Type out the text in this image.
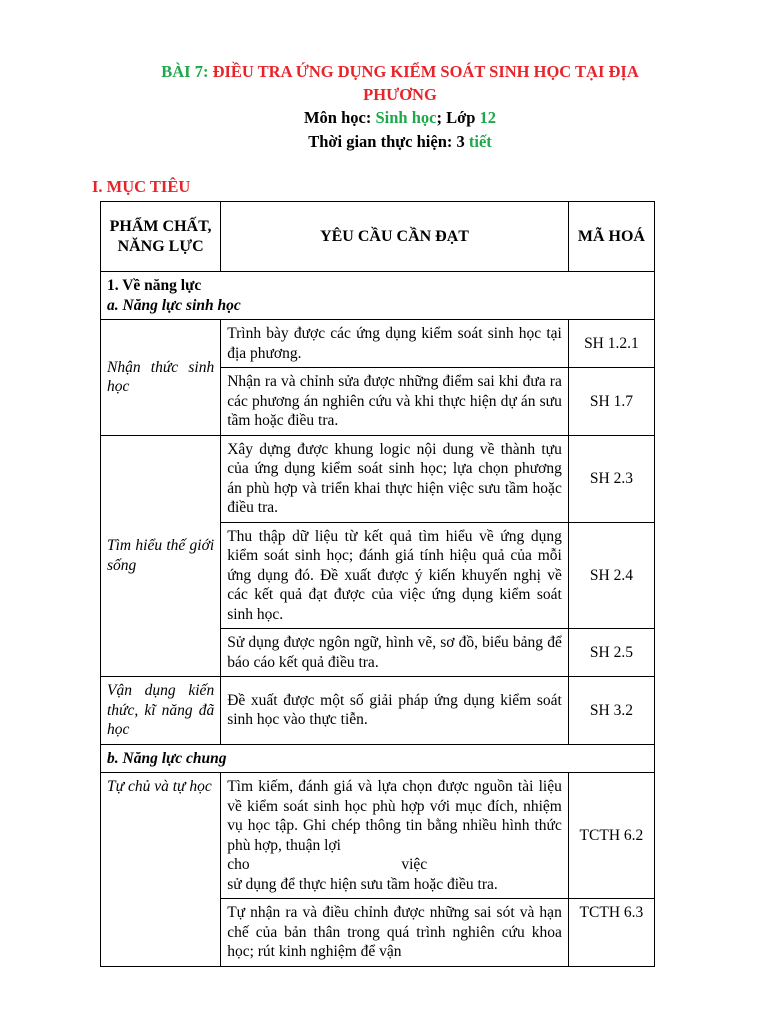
BÀI 7: ĐIỀU TRA ỨNG DỤNG KIỂM SOÁT SINH HỌC TẠI ĐỊA
PHƯƠNG
Môn học: Sinh học; Lớp 12
Thời gian thực hiện: 3 tiết
I. MỤC TIÊU
PHẨM CHẤT, NĂNG LỰC	YÊU CẦU CẦN ĐẠT	MÃ HOÁ

1. Về năng lực
a. Năng lực sinh học		

Nhận thức sinh học	Trình bày được các ứng dụng kiểm soát sinh học tại địa phương.	SH 1.2.1
	Nhận ra và chỉnh sửa được những điểm sai khi đưa ra các phương án nghiên cứu và khi thực hiện dự án sưu tầm hoặc điều tra.	SH 1.7
Tìm hiểu thế giới sống	Xây dựng được khung logic nội dung về thành tựu của ứng dụng kiểm soát sinh học; lựa chọn phương án phù hợp và triển khai thực hiện việc sưu tầm hoặc điều tra.	SH 2.3
	Thu thập dữ liệu từ kết quả tìm hiểu về ứng dụng kiểm soát sinh học; đánh giá tính hiệu quả của mỗi ứng dụng đó. Đề xuất được ý kiến khuyến nghị về các kết quả đạt được của việc ứng dụng kiểm soát sinh học.	SH 2.4
	Sử dụng được ngôn ngữ, hình vẽ, sơ đồ, biểu bảng để báo cáo kết quả điều tra.	SH 2.5
Vận dụng kiến thức, kĩ năng đã học	Đề xuất được một số giải pháp ứng dụng kiểm soát sinh học vào thực tiễn.	SH 3.2
b. Năng lực chung		
Tự chủ và tự học	Tìm kiếm, đánh giá và lựa chọn được nguồn tài liệu về kiểm soát sinh học phù hợp với mục đích, nhiệm vụ học tập. Ghi chép thông tin bằng nhiều hình thức phù hợp, thuận lợi
cho việc
sử dụng để thực hiện sưu tầm hoặc điều tra.	TCTH 6.2
	Tự nhận ra và điều chỉnh được những sai sót và hạn chế của bản thân trong quá trình nghiên cứu khoa học; rút kinh nghiệm để vận	TCTH 6.3
